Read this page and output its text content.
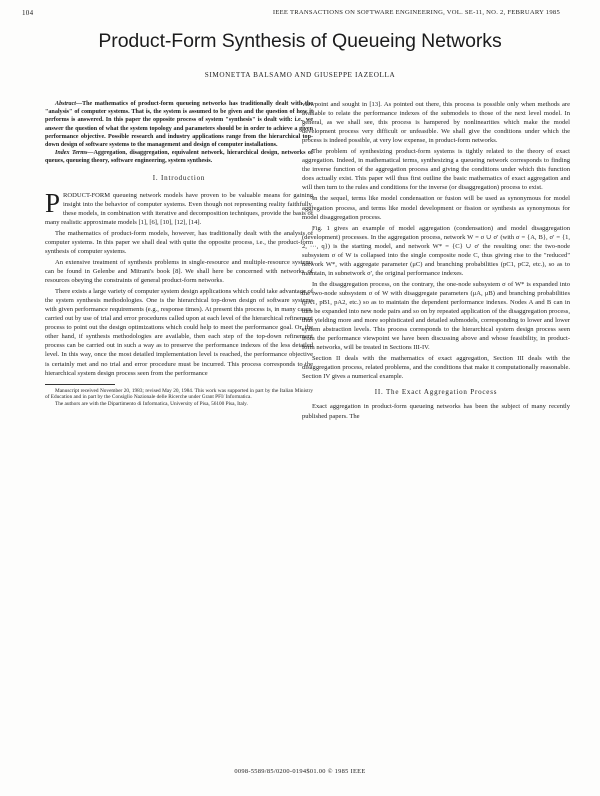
104	IEEE TRANSACTIONS ON SOFTWARE ENGINEERING, VOL. SE-11, NO. 2, FEBRUARY 1985
Product-Form Synthesis of Queueing Networks
SIMONETTA BALSAMO AND GIUSEPPE IAZEOLLA

Abstract—The mathematics of product-form queueing networks has traditionally dealt with the "analysis" of computer systems. That is, the system is assumed to be given and the question of how it performs is answered. In this paper the opposite process of system "synthesis" is dealt with: i.e., we answer the question of what the system topology and parameters should be in order to achieve a given performance objective. Possible research and industry applications range from the hierarchical top-down design of software systems to the management and design of computer installations.

Index Terms—Aggregation, disaggregation, equivalent network, hierarchical design, networks of queues, queueing theory, software engineering, system synthesis.

I. Introduction

PRODUCT-FORM queueing network models have proven to be valuable means for gaining insight into the behavior of computer systems. Even though not representing reality faithfully, these models, in combination with iterative and decomposition techniques, provide the basis of many realistic approximate models [1], [6], [10], [12], [14].

The mathematics of product-form models, however, has traditionally dealt with the analysis of computer systems. In this paper we shall deal with quite the opposite process, i.e., the product-form synthesis of computer systems.

An extensive treatment of synthesis problems in single-resource and multiple-resource systems can be found in Gelenbe and Mitrani's book [8]. We shall here be concerned with networks of resources obeying the constraints of general product-form networks.

There exists a large variety of computer system design applications which could take advantage of the system synthesis methodologies. One is the hierarchical top-down design of software systems with given performance requirements (e.g., response times). At present this process is, in many cases, carried out by use of trial and error procedures called upon at each level of the hierarchical refinement process to point out the design optimizations which could help to meet the performance goal. Or, the other hand, if synthesis methodologies are available, then each step of the top-down refinement process can be carried out in such a way as to preserve the performance indexes of the less detailed level. In this way, once the most detailed implementation level is reached, the performance objective is certainly met and no trial and error procedure must be incurred. This process corresponds to the hierarchical system design process seen from the performance

Manuscript received November 20, 1983; revised May 20, 1984. This work was supported in part by the Italian Ministry of Education and in part by the Consiglio Nazionale delle Ricerche under Grant PFI/ Informatica.

The authors are with the Dipartimento di Informatica, University of Pisa, 56100 Pisa, Italy.

viewpoint and sought in [13]. As pointed out there, this process is possible only when methods are available to relate the performance indexes of the submodels to those of the next level model. In general, as we shall see, this process is hampered by nonlinearities which make the model development process very difficult or unfeasible. We shall give the conditions under which the process is indeed possible, at very low expense, in product-form networks.

The problem of synthesizing product-form systems is tightly related to the theory of exact aggregation. Indeed, in mathematical terms, synthesizing a queueing network corresponds to finding the inverse function of the aggregation process and giving the conditions under which this function does actually exist. This paper will thus first outline the basic mathematics of exact aggregation and will then turn to the rules and conditions for the inverse (or disaggregation) process to exist.

In the sequel, terms like model condensation or fusion will be used as synonymous for model aggregation process, and terms like model development or fission or synthesis as synonymous for model disaggregation process.

Fig. 1 gives an example of model aggregation (condensation) and model disaggregation (development) processes. In the aggregation process, network W = σ ∪ σ′ (with σ = {A, B}, σ′ = {1, 2, ···, q}) is the starting model, and network W* = {C} ∪ σ′ the resulting one: the two-node subsystem σ of W is collapsed into the single composite node C, thus giving rise to the "reduced" network W*, with aggregate parameter (μC) and branching probabilities (pC1, pC2, etc.), so as to maintain, in subnetwork σ′, the original performance indexes.

In the disaggregation process, on the contrary, the one-node subsystem σ of W* is expanded into the two-node subsystem σ of W with disaggregate parameters (μA, μB) and branching probabilities (pA1, pB1, pA2, etc.) so as to maintain the dependent performance indexes. Nodes A and B can in turn be expanded into new node pairs and so on by repeated application of the disaggregation process, thus yielding more and more sophisticated and detailed submodels, corresponding to lower and lower system abstraction levels. This process corresponds to the hierarchical system design process seen from the performance viewpoint we have been discussing above and whose feasibility, in product-form networks, will be treated in Sections III-IV.

Section II deals with the mathematics of exact aggregation, Section III deals with the disaggregation process, related problems, and the conditions that make it computationally reasonable. Section IV gives a numerical example.

II. The Exact Aggregation Process

Exact aggregation in product-form queueing networks has been the subject of many recently published papers. The

0098-5589/85/0200-0194$01.00 © 1985 IEEE
